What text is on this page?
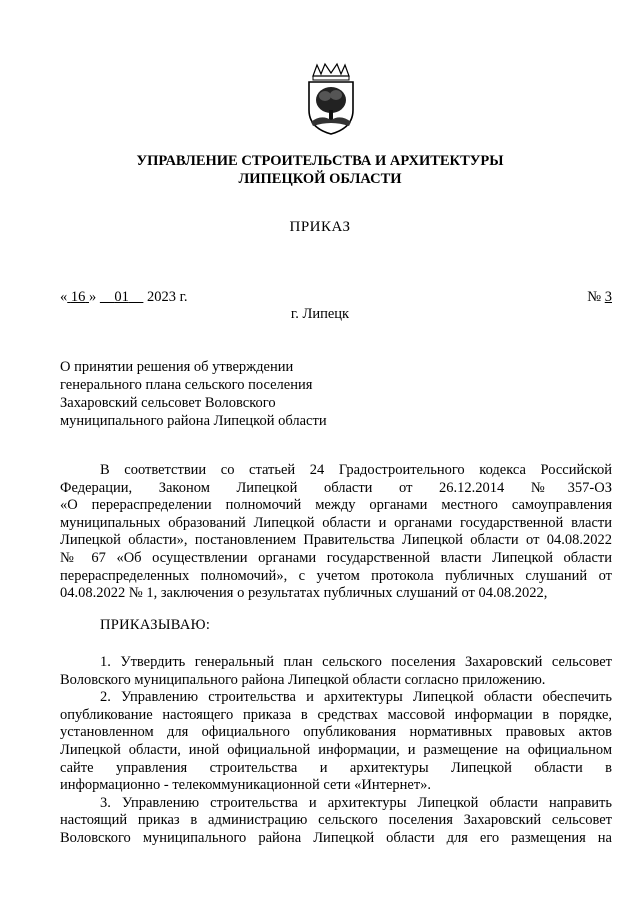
УПРАВЛЕНИЕ СТРОИТЕЛЬСТВА И АРХИТЕКТУРЫ
ЛИПЕЦКОЙ ОБЛАСТИ
ПРИКАЗ
« 16 » 01 2023 г.	№ 3
г. Липецк
О принятии решения об утверждении
генерального плана сельского поселения
Захаровский сельсовет Воловского
муниципального района Липецкой области
В соответствии со статьей 24 Градостроительного кодекса Российской
Федерации, Законом Липецкой области от 26.12.2014 №357-ОЗ
«О перераспределении полномочий между органами местного самоуправления
муниципальных образований Липецкой области и органами государственной власти
Липецкой области», постановлением Правительства Липецкой области от 04.08.2022
№ 67 «Об осуществлении органами государственной власти Липецкой области
перераспределенных полномочий», с учетом протокола публичных слушаний от
04.08.2022 № 1, заключения о результатах публичных слушаний от 04.08.2022,
ПРИКАЗЫВАЮ:
1. Утвердить генеральный план сельского поселения Захаровский сельсовет
Воловского муниципального района Липецкой области согласно приложению.
2. Управлению строительства и архитектуры Липецкой области обеспечить
опубликование настоящего приказа в средствах массовой информации в порядке,
установленном для официального опубликования нормативных правовых актов
Липецкой области, иной официальной информации, и размещение на официальном
сайте управления строительства и архитектуры Липецкой области в
информационно - телекоммуникационной сети «Интернет».
3. Управлению строительства и архитектуры Липецкой области направить
настоящий приказ в администрацию сельского поселения Захаровский сельсовет
Воловского муниципального района Липецкой области для его размещения на
